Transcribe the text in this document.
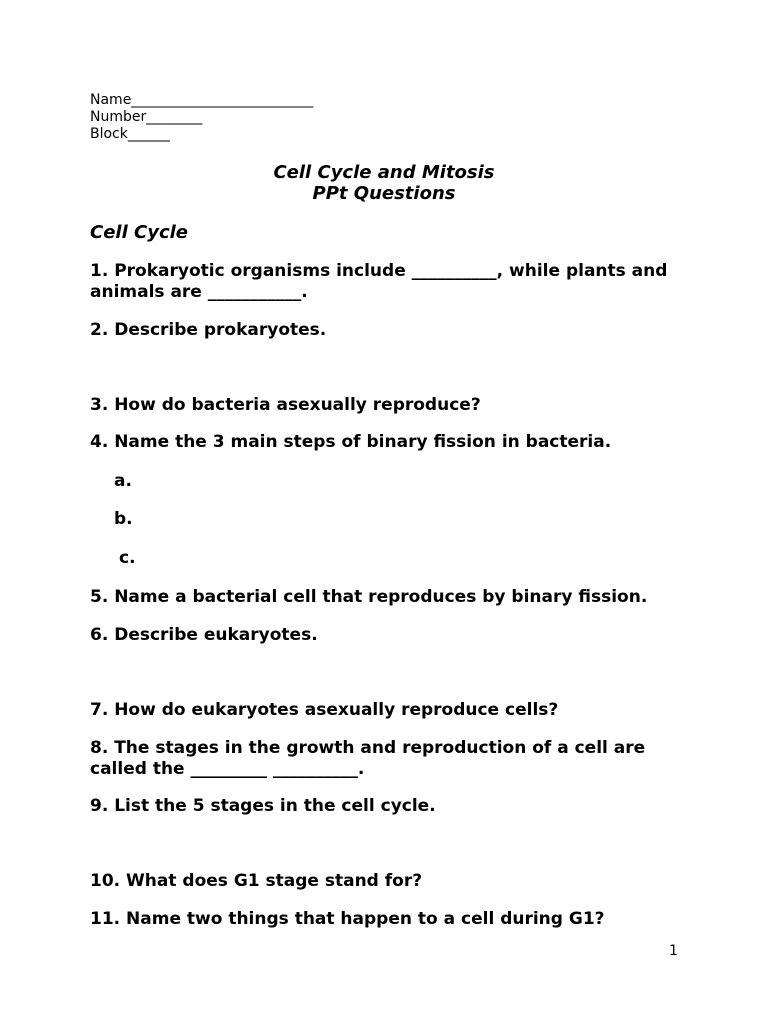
Name__________________________
Number________
Block______
Cell Cycle and Mitosis
PPt Questions
Cell Cycle
1. Prokaryotic organisms include __________, while plants and animals are ___________.
2. Describe prokaryotes.
3. How do bacteria asexually reproduce?
4. Name the 3 main steps of binary fission in bacteria.
a.
b.
c.
5. Name a bacterial cell that reproduces by binary fission.
6. Describe eukaryotes.
7. How do eukaryotes asexually reproduce cells?
8. The stages in the growth and reproduction of a cell are called the _________ __________.
9. List the 5 stages in the cell cycle.
10. What does G1 stage stand for?
11. Name two things that happen to a cell during G1?
1
